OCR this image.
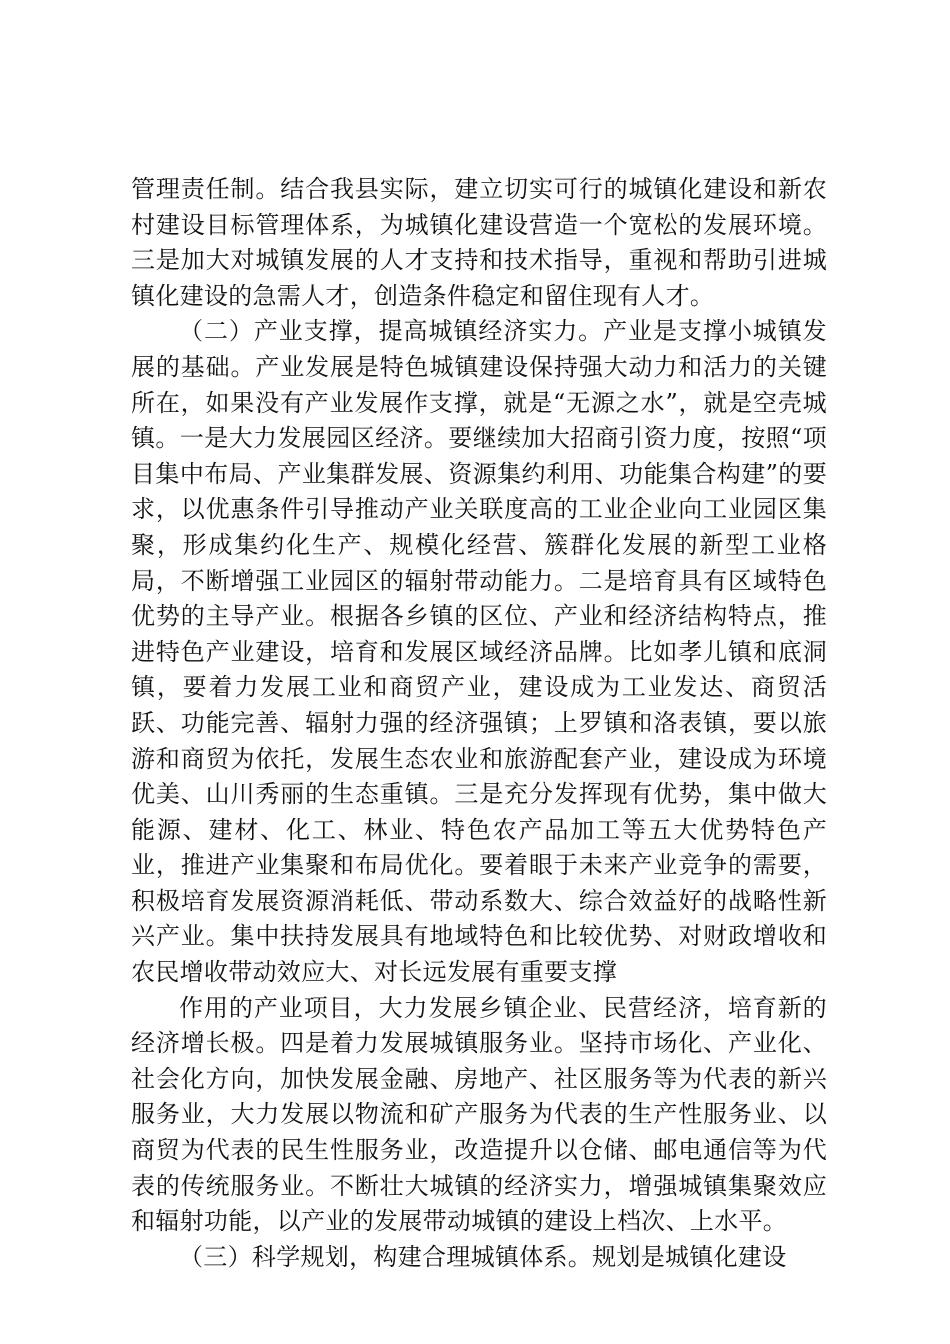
管理责任制。结合我县实际，建立切实可行的城镇化建设和新农村建设目标管理体系，为城镇化建设营造一个宽松的发展环境。三是加大对城镇发展的人才支持和技术指导，重视和帮助引进城镇化建设的急需人才，创造条件稳定和留住现有人才。

（二）产业支撑，提高城镇经济实力。产业是支撑小城镇发展的基础。产业发展是特色城镇建设保持强大动力和活力的关键所在，如果没有产业发展作支撑，就是“无源之水”，就是空壳城镇。一是大力发展园区经济。要继续加大招商引资力度，按照“项目集中布局、产业集群发展、资源集约利用、功能集合构建”的要求，以优惠条件引导推动产业关联度高的工业企业向工业园区集聚，形成集约化生产、规模化经营、簇群化发展的新型工业格局，不断增强工业园区的辐射带动能力。二是培育具有区域特色优势的主导产业。根据各乡镇的区位、产业和经济结构特点，推进特色产业建设，培育和发展区域经济品牌。比如孝儿镇和底洞镇，要着力发展工业和商贸产业，建设成为工业发达、商贸活跃、功能完善、辐射力强的经济强镇；上罗镇和洛表镇，要以旅游和商贸为依托，发展生态农业和旅游配套产业，建设成为环境优美、山川秀丽的生态重镇。三是充分发挥现有优势，集中做大能源、建材、化工、林业、特色农产品加工等五大优势特色产业，推进产业集聚和布局优化。要着眼于未来产业竞争的需要，积极培育发展资源消耗低、带动系数大、综合效益好的战略性新兴产业。集中扶持发展具有地域特色和比较优势、对财政增收和农民增收带动效应大、对长远发展有重要支撑

作用的产业项目，大力发展乡镇企业、民营经济，培育新的经济增长极。四是着力发展城镇服务业。坚持市场化、产业化、社会化方向，加快发展金融、房地产、社区服务等为代表的新兴服务业，大力发展以物流和矿产服务为代表的生产性服务业、以商贸为代表的民生性服务业，改造提升以仓储、邮电通信等为代表的传统服务业。不断壮大城镇的经济实力，增强城镇集聚效应和辐射功能，以产业的发展带动城镇的建设上档次、上水平。

（三）科学规划，构建合理城镇体系。规划是城镇化建设
